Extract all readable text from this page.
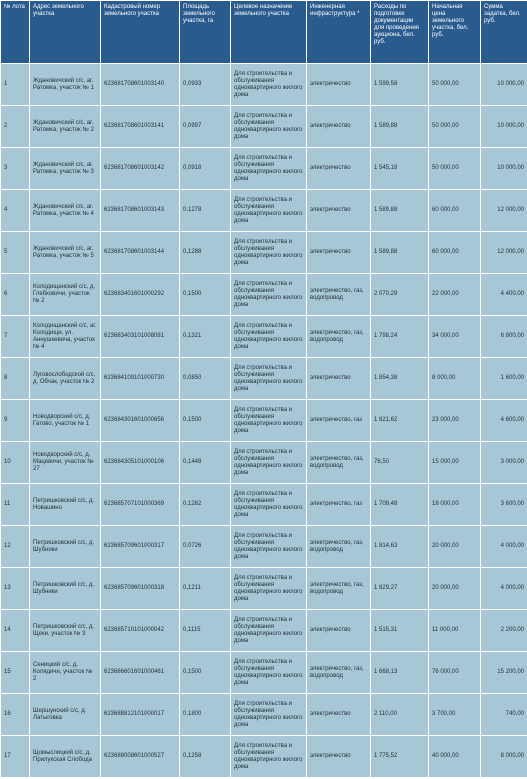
№ лота	Адрес земельного участка	Кадастровый номер земельного участка	Площадь земельного участка, га	Целевое назначение земельного участка	Инженерная инфраструктура *	Расходы по подготовке документации для проведения аукциона, бел. руб.	Начальная цена земельного участка, бел. руб.	Сумма задатка, бел. руб.
1	Ждановичский с/с, аг. Ратомка, участок № 1	623681708601003140	0,0933	Для строительства и обслуживания одноквартирного жилого дома	электричество	1 599,58	50 000,00	10 000,00
2	Ждановичский с/с, аг. Ратомка, участок № 2	623681708601003141	0,0997	Для строительства и обслуживания одноквартирного жилого дома	электричество	1 589,88	50 000,00	10 000,00
3	Ждановичский с/с, аг. Ратомка, участок № 3	623681708601003142	0,0918	Для строительства и обслуживания одноквартирного жилого дома	электричество	1 545,18	50 000,00	10 000,00
4	Ждановичский с/с, аг. Ратомка, участок № 4	623681708601003143	0,1278	Для строительства и обслуживания одноквартирного жилого дома	электричество	1 589,88	60 000,00	12 000,00
5	Ждановичский с/с, аг. Ратомка, участок № 5	623681708601003144	0,1288	Для строительства и обслуживания одноквартирного жилого дома	электричество	1 589,88	60 000,00	12 000,00
6	Колодищанский с/с, д. Глебковичи, участок № 2	623683401601000292	0,1500	Для строительства и обслуживания одноквартирного жилого дома	электричество, газ, водопровод	2 070,29	22 000,00	4 400,00
7	Колодищанский с/с, аг. Колодищи, ул. Аннушкевича, участок № 4	623683403101008081	0,1321	Для строительства и обслуживания одноквартирного жилого дома	электричество, газ, водопровод	1 798,24	34 000,00	6 800,00
8	Луговослободской с/с, д. Обчак, участок № 2	623684109101000730	0,0850	Для строительства и обслуживания одноквартирного жилого дома	электричество	1 854,38	8 000,00	1 600,00
9	Новодворский с/с, д. Гатово, участок № 1	623684301601000656	0,1500	Для строительства и обслуживания одноквартирного жилого дома	электричество, газ	1 821,62	23 000,00	4 600,00
10	Новодворский с/с, д. Мацевичи, участок № 27	623684305101000106	0,1448	Для строительства и обслуживания одноквартирного жилого дома	электричество, газ, водопровод	76,50	15 000,00	3 000,00
11	Петришковский с/с, д. Новашино	623685707101000369	0,1282	Для строительства и обслуживания одноквартирного жилого дома	электричество, газ	1 709,48	18 000,00	3 600,00
12	Петришковский с/с, д. Шубники	623685709601000317	0,0726	Для строительства и обслуживания одноквартирного жилого дома	электричество, газ, водопровод	1 814,63	20 000,00	4 000,00
13	Петришковский с/с, д. Шубники	623685709601000318	0,1211	Для строительства и обслуживания одноквартирного жилого дома	электричество, газ, водопровод	1 829,27	20 000,00	4 000,00
14	Петришковский с/с, д. Щеки, участок № 3	623685710101000042	0,1115	Для строительства и обслуживания одноквартирного жилого дома	электричество	1 515,31	11 000,00	2 200,00
15	Сеницкий с/с, д. Колядичи, участок № 2	623686601601000461	0,1500	Для строительства и обслуживания одноквартирного жилого дома	электричество, газ, водопровод	1 668,13	76 000,00	15 200,00
16	Шершунский с/с, д. Латыговка	623688812101000017	0,1800	Для строительства и обслуживания одноквартирного жилого дома	электричество	2 110,00	3 700,00	740,00
17	Щомыслицкий с/с, д. Прилукская Слобода	623688008601000527	0,1258	Для строительства и обслуживания одноквартирного жилого дома	электричество	1 775,52	40 000,00	8 000,00
